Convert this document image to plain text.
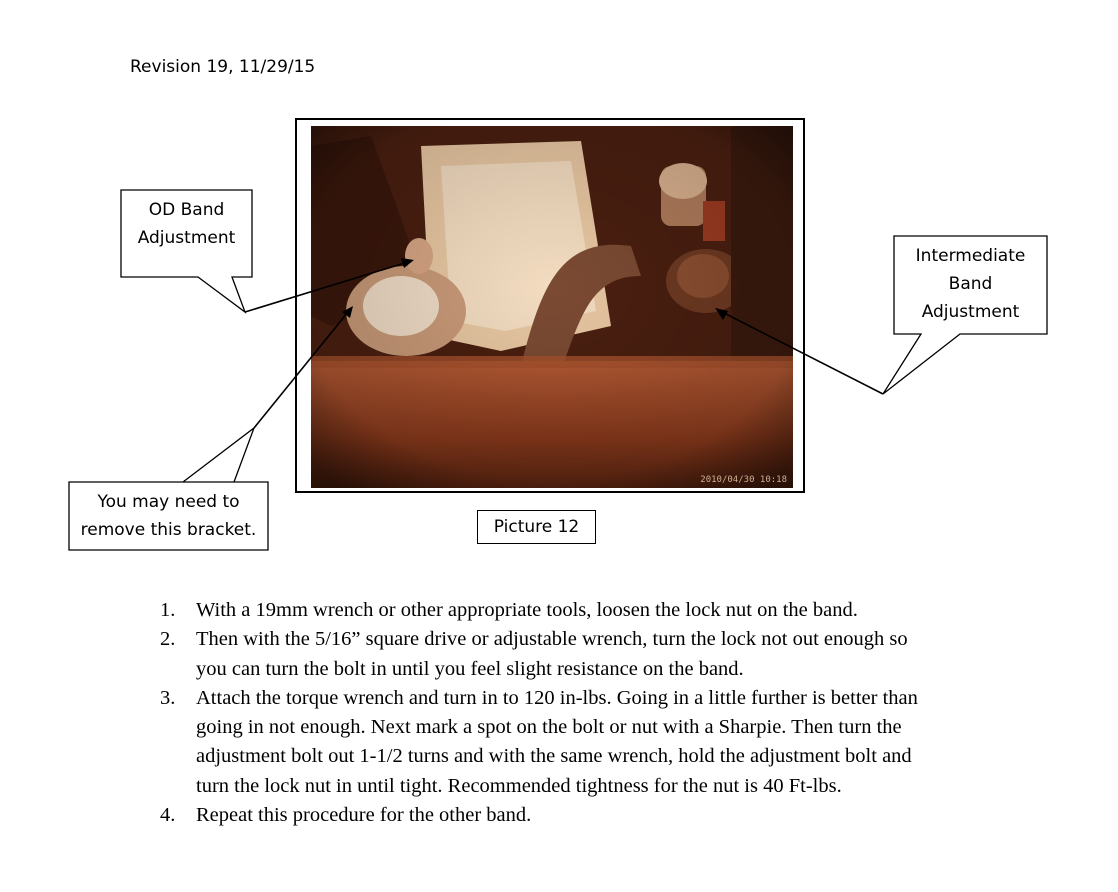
Revision 19, 11/29/15
2010/04/30 10:18
OD Band
Adjustment
Intermediate
Band
Adjustment
You may need to
remove this bracket.	Picture 12
1.	With a 19mm wrench or other appropriate tools, loosen the lock nut on the band.
2.	Then with the 5/16” square drive or adjustable wrench, turn the lock not out enough so
you can turn the bolt in until you feel slight resistance on the band.
3.	Attach the torque wrench and turn in to 120 in-lbs. Going in a little further is better than
going in not enough. Next mark a spot on the bolt or nut with a Sharpie. Then turn the
adjustment bolt out 1-1/2 turns and with the same wrench, hold the adjustment bolt and
turn the lock nut in until tight. Recommended tightness for the nut is 40 Ft-lbs.
4.	Repeat this procedure for the other band.
